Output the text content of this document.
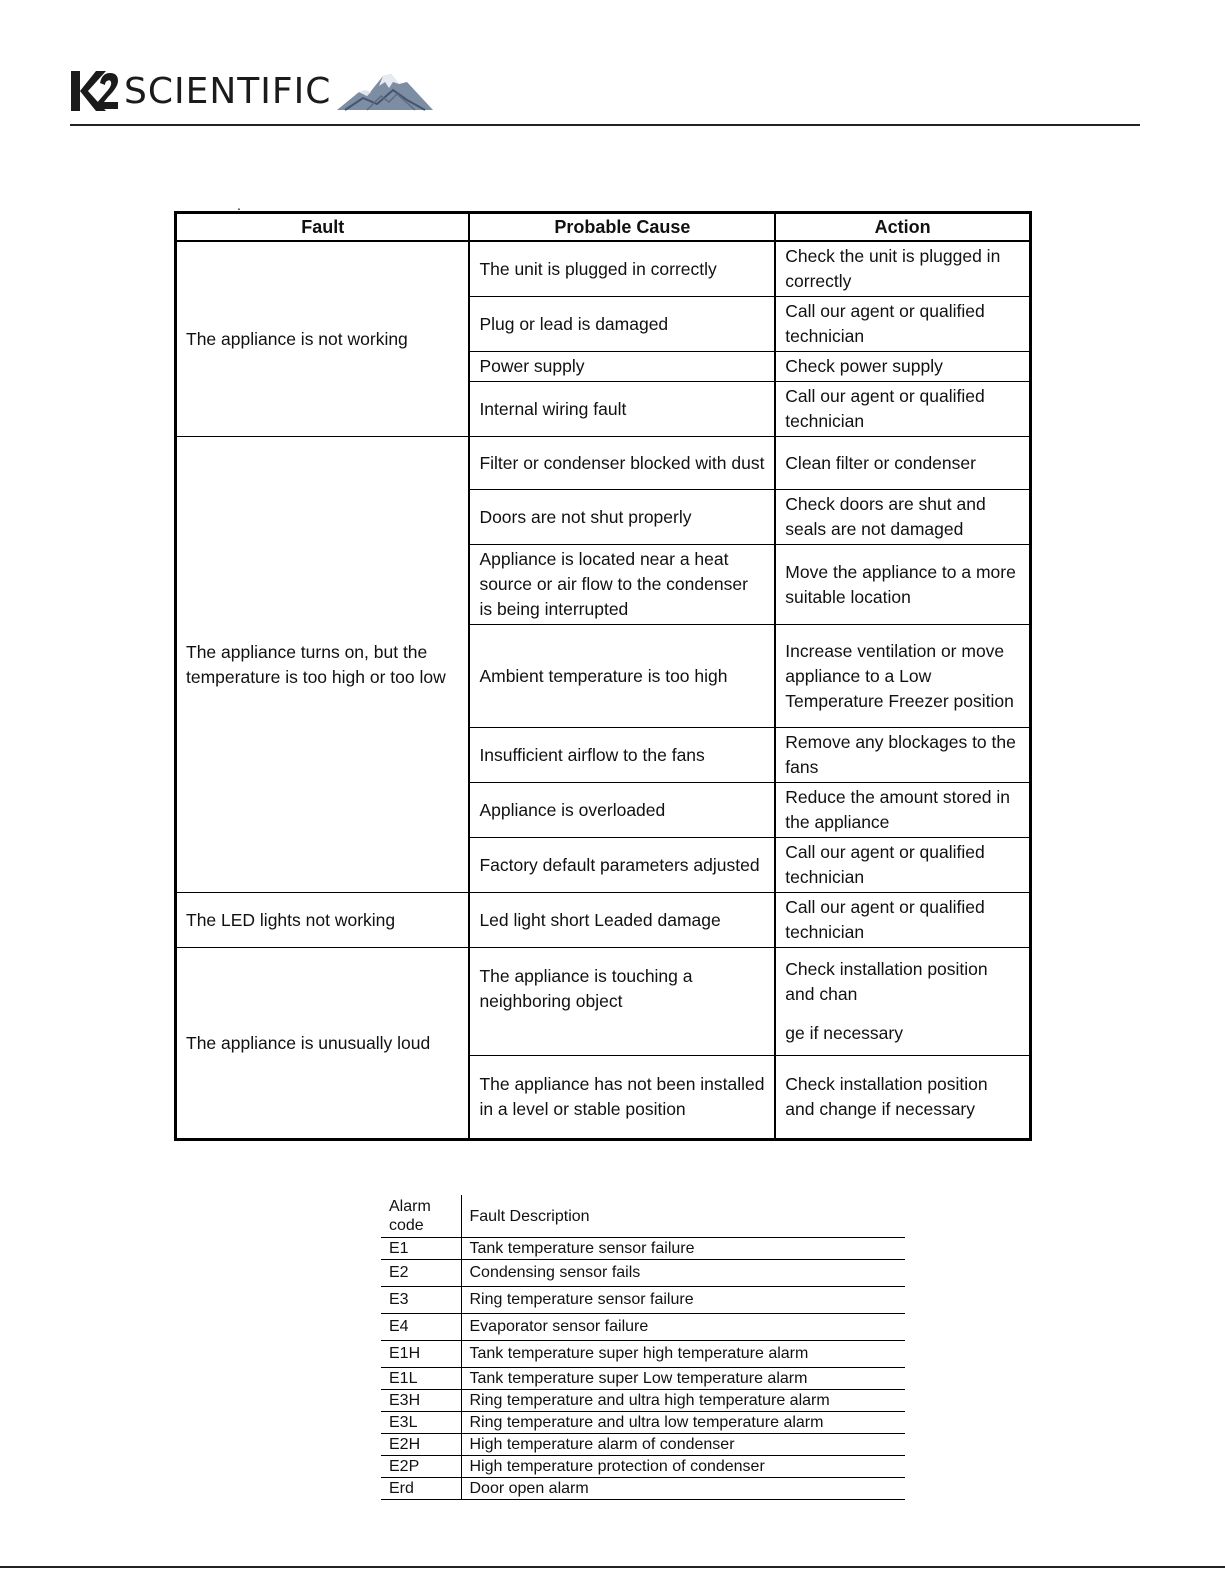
SCIENTIFIC
.
Fault	Probable Cause	Action
The appliance is not working	The unit is plugged in correctly	Check the unit is plugged in correctly
	Plug or lead is damaged	Call our agent or qualified technician
	Power supply	Check power supply
	Internal wiring fault	Call our agent or qualified technician
The appliance turns on, but the temperature is too high or too low	Filter or condenser blocked with dust	Clean filter or condenser
	Doors are not shut properly	Check doors are shut and seals are not damaged
	Appliance is located near a heat source or air flow to the condenser is being interrupted	Move the appliance to a more suitable location
	Ambient temperature is too high	Increase ventilation or move appliance to a Low Temperature Freezer position
	Insufficient airflow to the fans	Remove any blockages to the fans
	Appliance is overloaded	Reduce the amount stored in the appliance
	Factory default parameters adjusted	Call our agent or qualified technician
The LED lights not working	Led light short Leaded damage	Call our agent or qualified technician
The appliance is unusually loud	The appliance is touching a neighboring object	Check installation position and chan
ge if necessary
	The appliance has not been installed in a level or stable position	Check installation position and change if necessary
Alarm code	Fault Description
E1	Tank temperature sensor failure
E2	Condensing sensor fails
E3	Ring temperature sensor failure
E4	Evaporator sensor failure
E1H	Tank temperature super high temperature alarm
E1L	Tank temperature super Low temperature alarm
E3H	Ring temperature and ultra high temperature alarm
E3L	Ring temperature and ultra low temperature alarm
E2H	High temperature alarm of condenser
E2P	High temperature protection of condenser
Erd	Door open alarm
